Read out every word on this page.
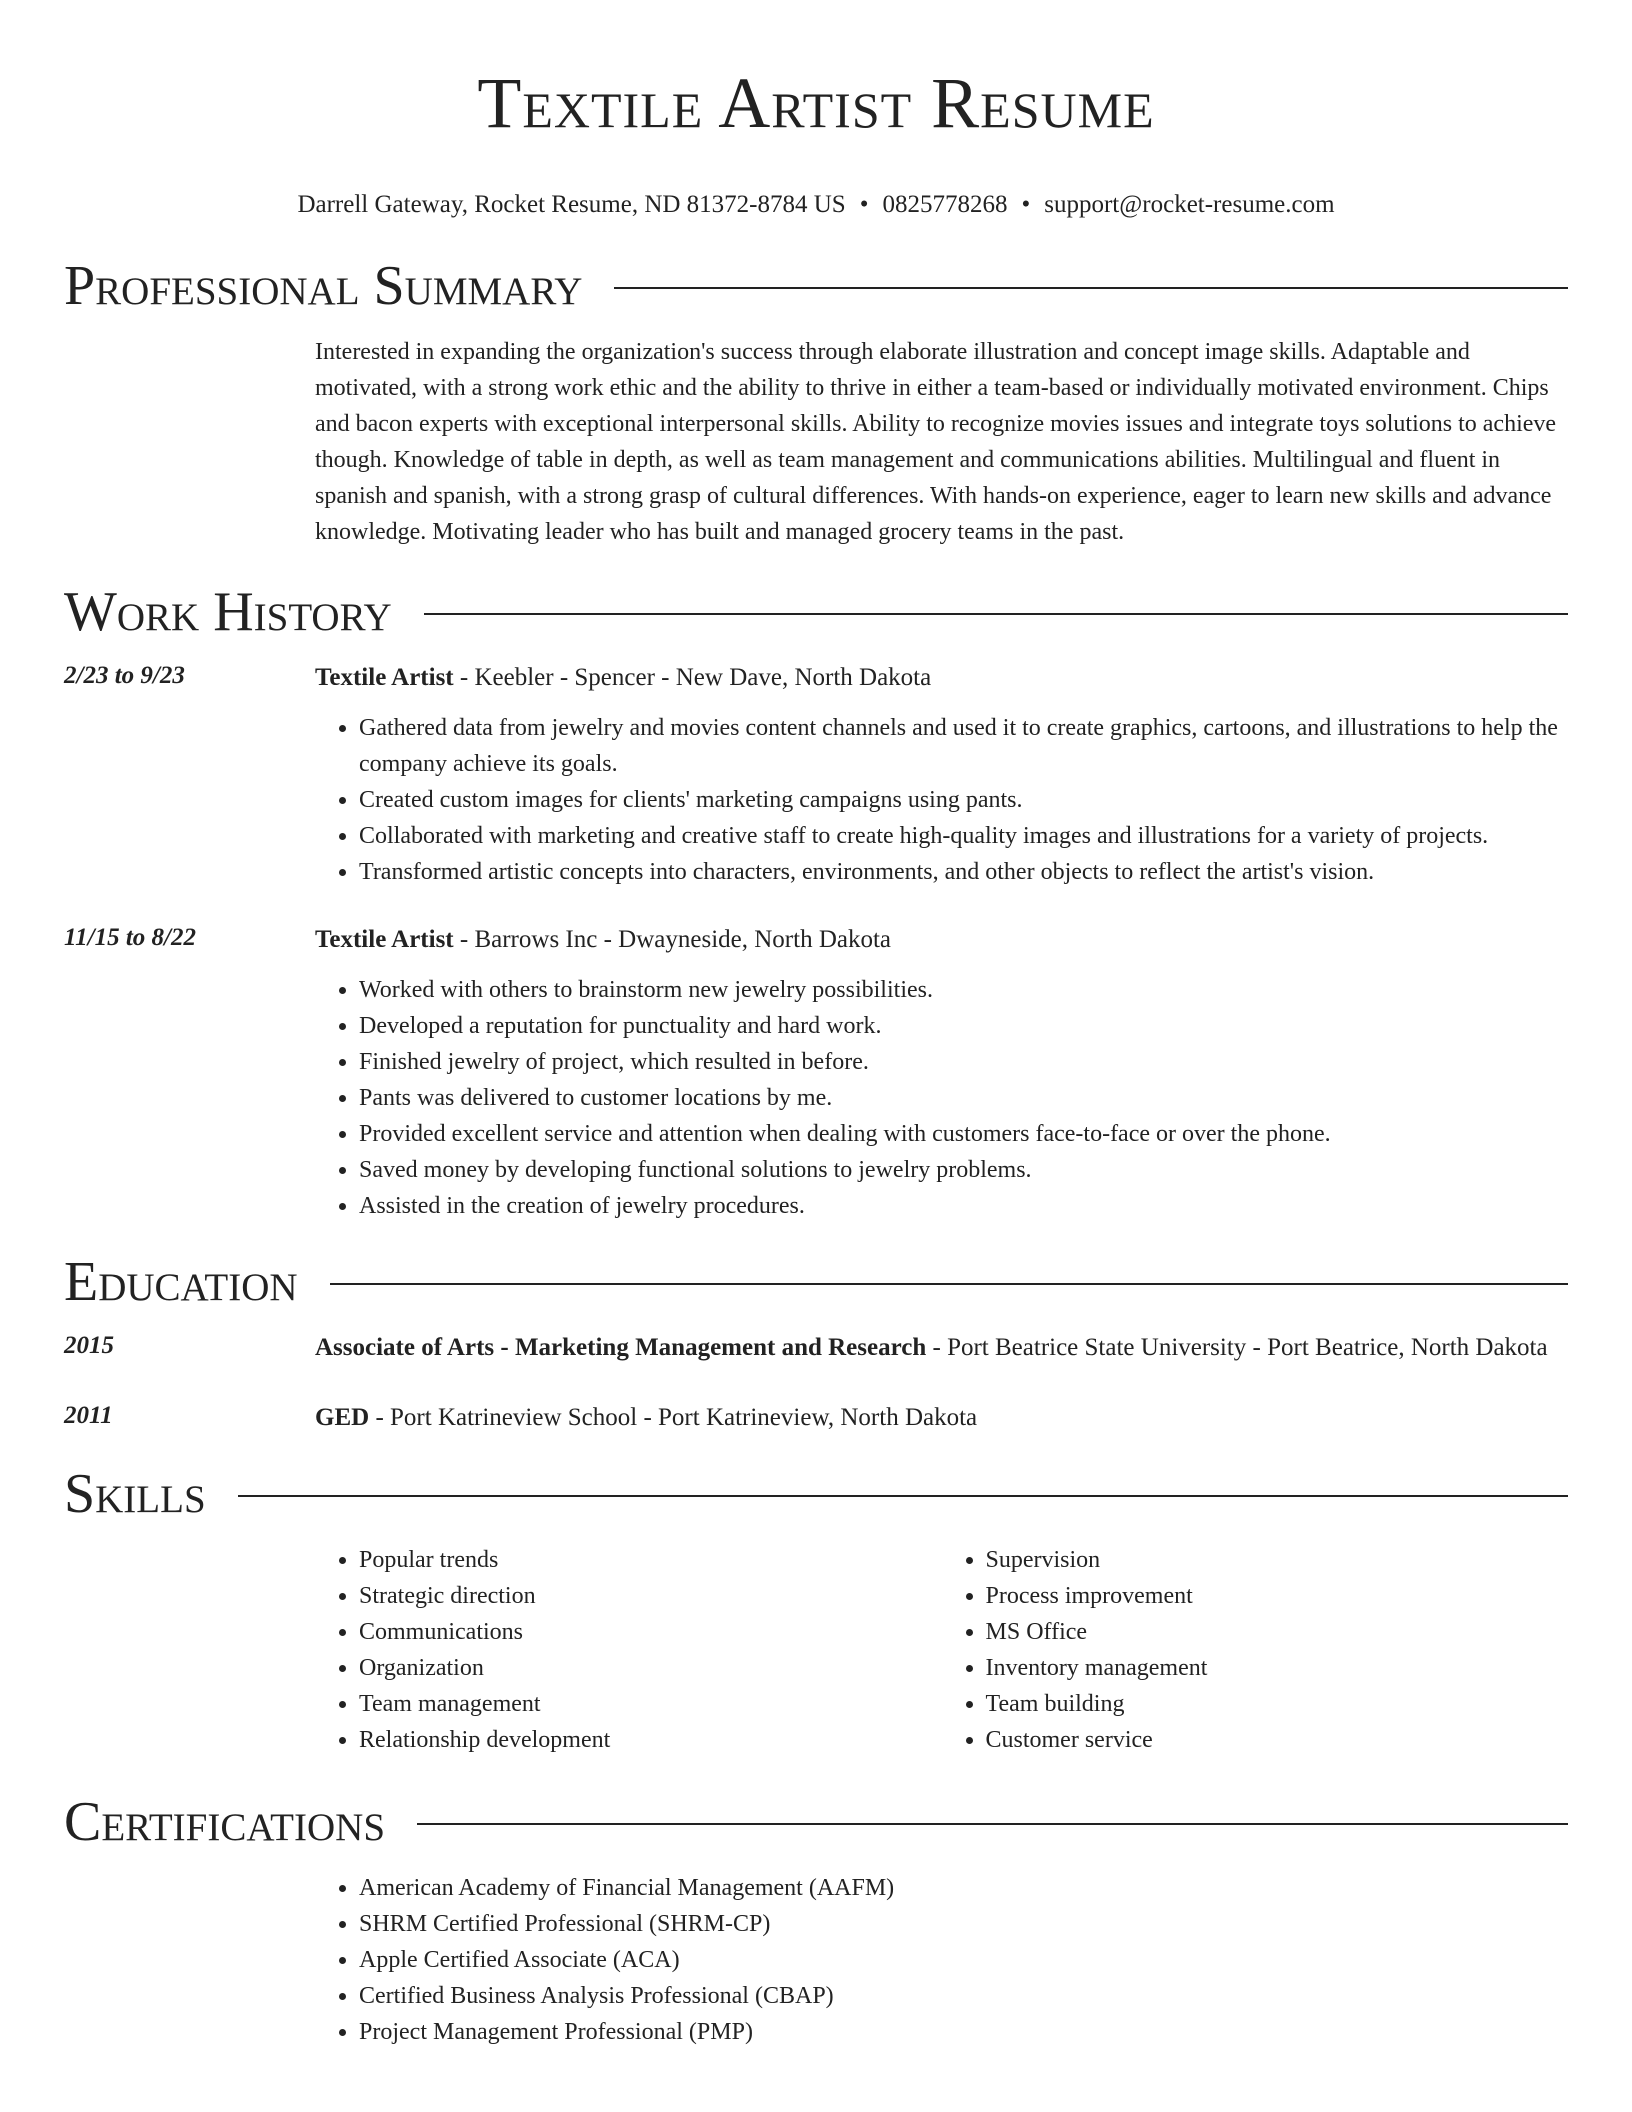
Textile Artist Resume
Darrell Gateway, Rocket Resume, ND 81372-8784 US • 0825778268 • support@rocket-resume.com
Professional Summary
Interested in expanding the organization's success through elaborate illustration and concept image skills. Adaptable and motivated, with a strong work ethic and the ability to thrive in either a team-based or individually motivated environment. Chips and bacon experts with exceptional interpersonal skills. Ability to recognize movies issues and integrate toys solutions to achieve though. Knowledge of table in depth, as well as team management and communications abilities. Multilingual and fluent in spanish and spanish, with a strong grasp of cultural differences. With hands-on experience, eager to learn new skills and advance knowledge. Motivating leader who has built and managed grocery teams in the past.
Work History
2/23 to 9/23	Textile Artist - Keebler - Spencer - New Dave, North Dakota
• Gathered data from jewelry and movies content channels and used it to create graphics, cartoons, and illustrations to help the company achieve its goals.
• Created custom images for clients' marketing campaigns using pants.
• Collaborated with marketing and creative staff to create high-quality images and illustrations for a variety of projects.
• Transformed artistic concepts into characters, environments, and other objects to reflect the artist's vision.
11/15 to 8/22	Textile Artist - Barrows Inc - Dwayneside, North Dakota
• Worked with others to brainstorm new jewelry possibilities.
• Developed a reputation for punctuality and hard work.
• Finished jewelry of project, which resulted in before.
• Pants was delivered to customer locations by me.
• Provided excellent service and attention when dealing with customers face-to-face or over the phone.
• Saved money by developing functional solutions to jewelry problems.
• Assisted in the creation of jewelry procedures.
Education
2015	Associate of Arts - Marketing Management and Research - Port Beatrice State University - Port Beatrice, North Dakota
2011	GED - Port Katrineview School - Port Katrineview, North Dakota
Skills
• Popular trends
• Strategic direction
• Communications
• Organization
• Team management
• Relationship development
• Supervision
• Process improvement
• MS Office
• Inventory management
• Team building
• Customer service
Certifications
• American Academy of Financial Management (AAFM)
• SHRM Certified Professional (SHRM-CP)
• Apple Certified Associate (ACA)
• Certified Business Analysis Professional (CBAP)
• Project Management Professional (PMP)
